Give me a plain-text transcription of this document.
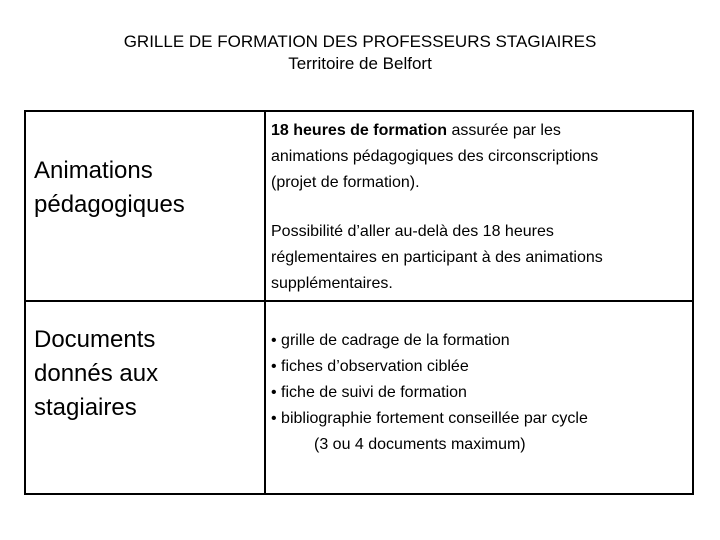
GRILLE DE FORMATION DES PROFESSEURS STAGIAIRES
Territoire de Belfort
Animations
pédagogiques
18 heures de formation assurée par les
animations pédagogiques des circonscriptions
(projet de formation).
Possibilité d’aller au-delà des 18 heures
réglementaires en participant à des animations
supplémentaires.
Documents
donnés aux
stagiaires
• grille de cadrage de la formation
• fiches d’observation ciblée
• fiche de suivi de formation
• bibliographie fortement conseillée par cycle
(3 ou 4 documents maximum)
